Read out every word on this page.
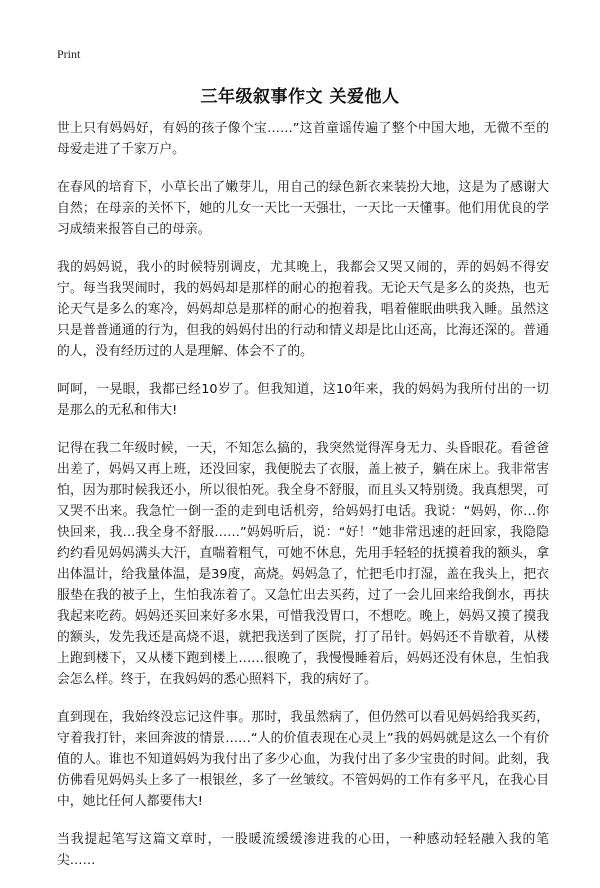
Print
三年级叙事作文 关爱他人

世上只有妈妈好，有妈的孩子像个宝……”这首童谣传遍了整个中国大地，无微不至的母爱走进了千家万户。

在春风的培育下，小草长出了嫩芽儿，用自己的绿色新衣来装扮大地，这是为了感谢大自然；在母亲的关怀下，她的儿女一天比一天强壮，一天比一天懂事。他们用优良的学习成绩来报答自己的母亲。

我的妈妈说，我小的时候特别调皮，尤其晚上，我都会又哭又闹的，弄的妈妈不得安宁。每当我哭闹时，我的妈妈却是那样的耐心的抱着我。无论天气是多么的炎热，也无论天气是多么的寒冷，妈妈却总是那样的耐心的抱着我，唱着催眠曲哄我入睡。虽然这只是普普通通的行为，但我的妈妈付出的行动和情义却是比山还高，比海还深的。普通的人，没有经历过的人是理解、体会不了的。

呵呵，一晃眼，我都已经10岁了。但我知道，这10年来，我的妈妈为我所付出的一切是那么的无私和伟大!

记得在我二年级时候，一天，不知怎么搞的，我突然觉得浑身无力、头昏眼花。看爸爸出差了，妈妈又再上班，还没回家，我便脱去了衣服，盖上被子，躺在床上。我非常害怕，因为那时候我还小，所以很怕死。我全身不舒服，而且头又特别烫。我真想哭，可又哭不出来。我急忙一倒一歪的走到电话机旁，给妈妈打电话。我说：“妈妈，你…你快回来，我…我全身不舒服……”妈妈听后，说：“好！”她非常迅速的赶回家，我隐隐约约看见妈妈满头大汗，直喘着粗气，可她不休息，先用手轻轻的抚摸着我的额头，拿出体温计，给我量体温，是39度，高烧。妈妈急了，忙把毛巾打湿，盖在我头上，把衣服垫在我的被子上，生怕我冻着了。又急忙出去买药，过了一会儿回来给我倒水，再扶我起来吃药。妈妈还买回来好多水果，可惜我没胃口，不想吃。晚上，妈妈又摸了摸我的额头，发先我还是高烧不退，就把我送到了医院，打了吊针。妈妈还不肯歇着，从楼上跑到楼下，又从楼下跑到楼上……很晚了，我慢慢睡着后，妈妈还没有休息，生怕我会怎么样。终于，在我妈妈的悉心照料下，我的病好了。

直到现在，我始终没忘记这件事。那时，我虽然病了，但仍然可以看见妈妈给我买药，守着我打针，来回奔波的情景……“人的价值表现在心灵上”我的妈妈就是这么一个有价值的人。谁也不知道妈妈为我付出了多少心血，为我付出了多少宝贵的时间。此刻，我仿佛看见妈妈头上多了一根银丝，多了一丝皱纹。不管妈妈的工作有多平凡，在我心目中，她比任何人都要伟大!

当我提起笔写这篇文章时，一股暖流缓缓渗进我的心田，一种感动轻轻融入我的笔尖……
